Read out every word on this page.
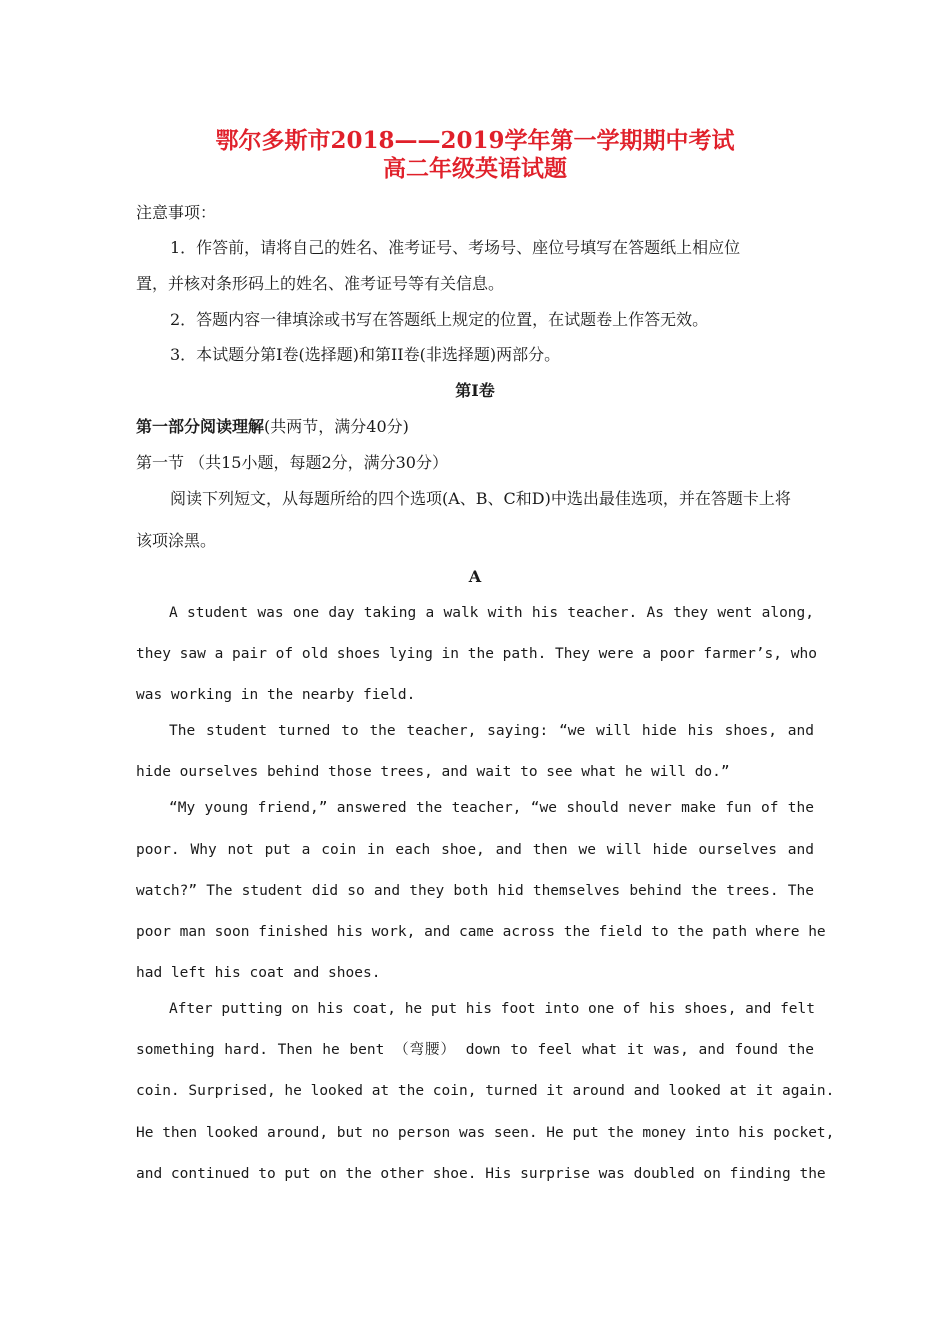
鄂尔多斯市2018——2019学年第一学期期中考试
高二年级英语试题
注意事项：
1．作答前，请将自己的姓名、准考证号、考场号、座位号填写在答题纸上相应位
置，并核对条形码上的姓名、准考证号等有关信息。
2．答题内容一律填涂或书写在答题纸上规定的位置，在试题卷上作答无效。
3．本试题分第Ⅰ卷(选择题)和第II卷(非选择题)两部分。
第Ⅰ卷
第一部分阅读理解(共两节，满分40分)
第一节 （共15小题，每题2分，满分30分）
阅读下列短文，从每题所给的四个选项(A、B、C和D)中选出最佳选项，并在答题卡上将
该项涂黑。
A
A student was one day taking a walk with his teacher. As they went along,
they saw a pair of old shoes lying in the path. They were a poor farmer’s, who
was working in the nearby field.
The student turned to the teacher, saying: “we will hide his shoes, and
hide ourselves behind those trees, and wait to see what he will do.”
“My young friend,” answered the teacher, “we should never make fun of the
poor. Why not put a coin in each shoe, and then we will hide ourselves and
watch?” The student did so and they both hid themselves behind the trees. The
poor man soon finished his work, and came across the field to the path where he
had left his coat and shoes.
After putting on his coat, he put his foot into one of his shoes, and felt
something hard. Then he bent （弯腰） down to feel what it was, and found the
coin. Surprised, he looked at the coin, turned it around and looked at it again.
He then looked around, but no person was seen. He put the money into his pocket,
and continued to put on the other shoe. His surprise was doubled on finding the
